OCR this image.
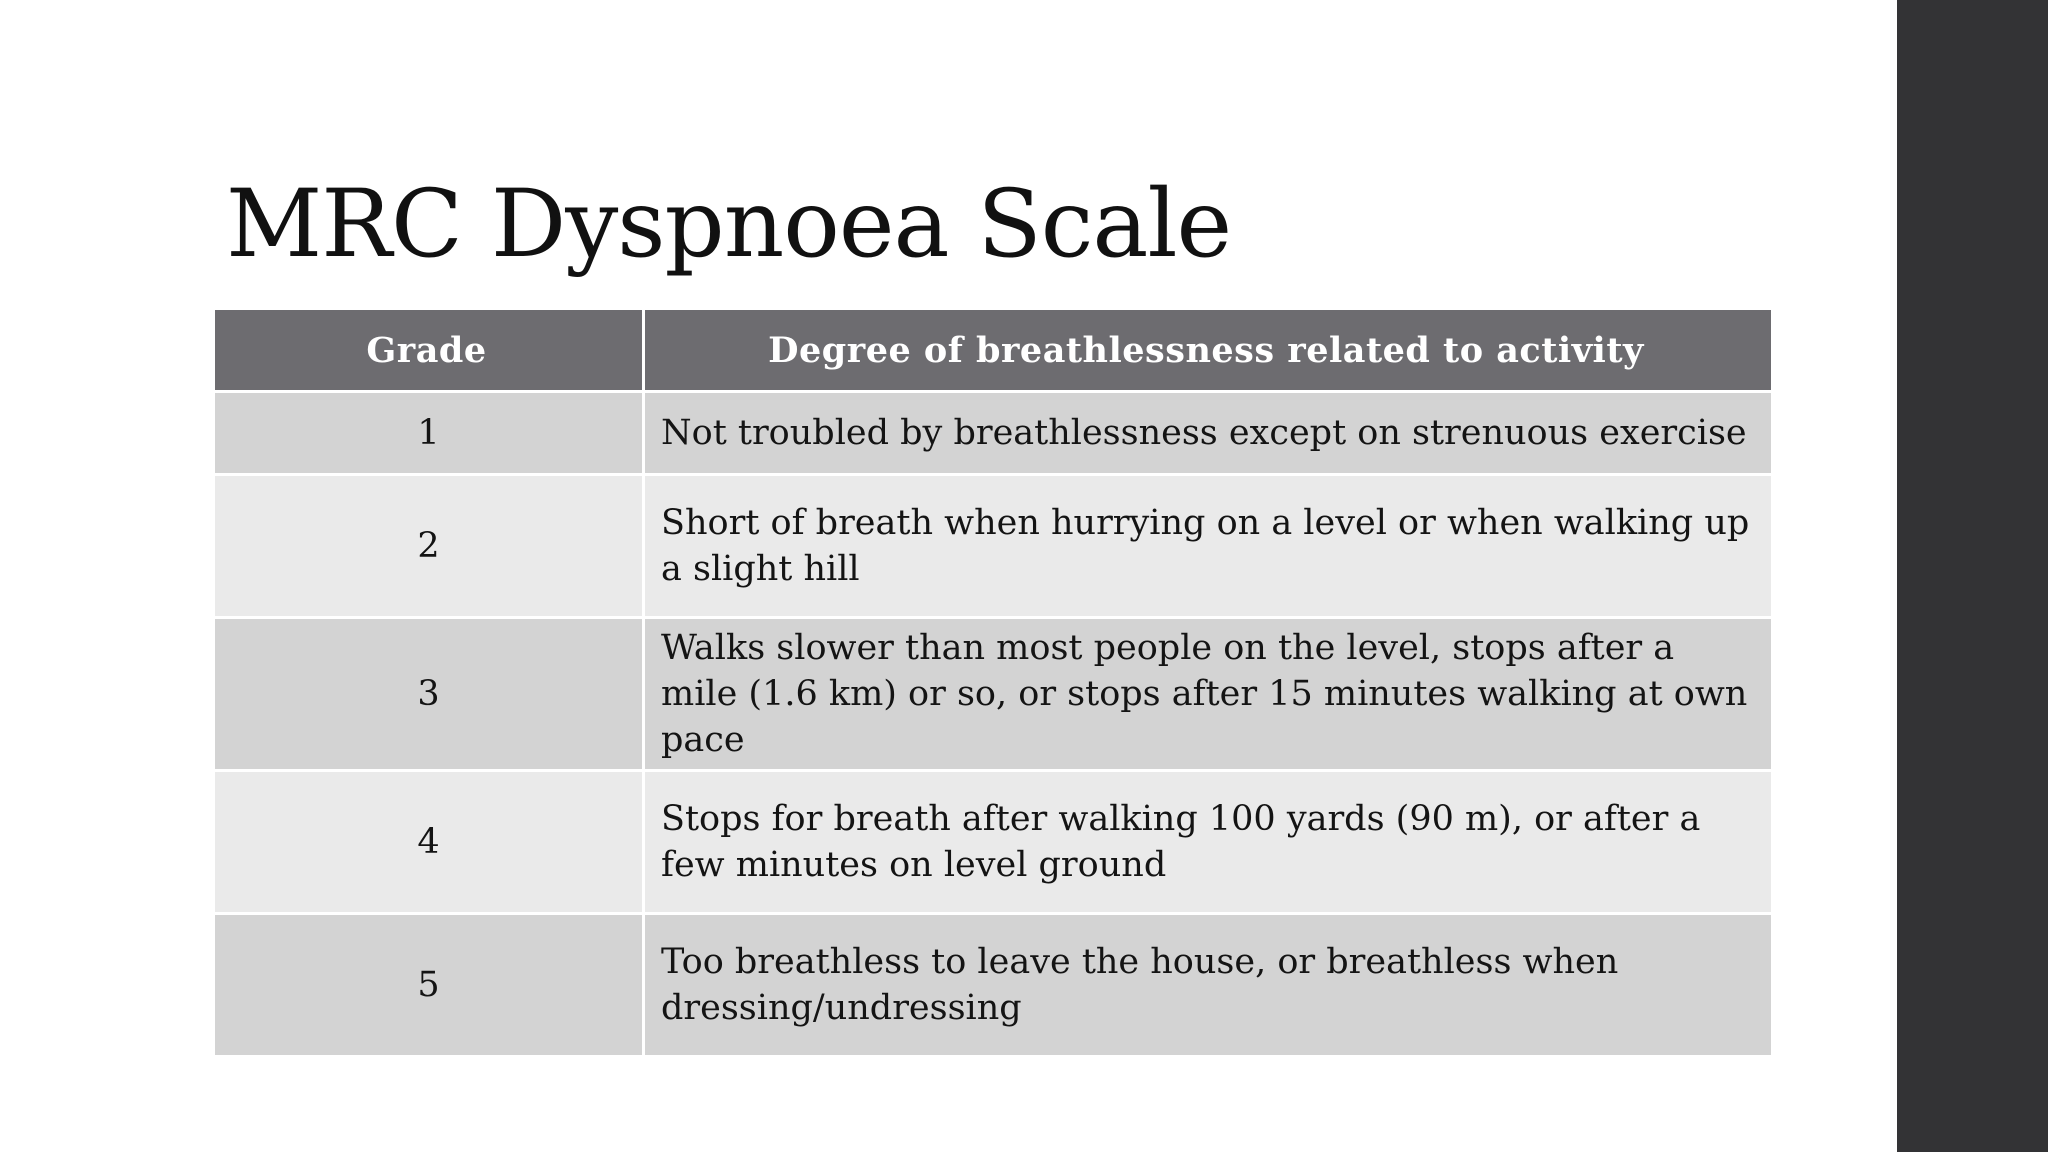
MRC Dyspnoea Scale
Grade	Degree of breathlessness related to activity
1	Not troubled by breathlessness except on strenuous exercise
2	Short of breath when hurrying on a level or when walking up a slight hill
3	Walks slower than most people on the level, stops after a mile (1.6 km) or so, or stops after 15 minutes walking at own pace
4	Stops for breath after walking 100 yards (90 m), or after a few minutes on level ground
5	Too breathless to leave the house, or breathless when dressing/undressing
